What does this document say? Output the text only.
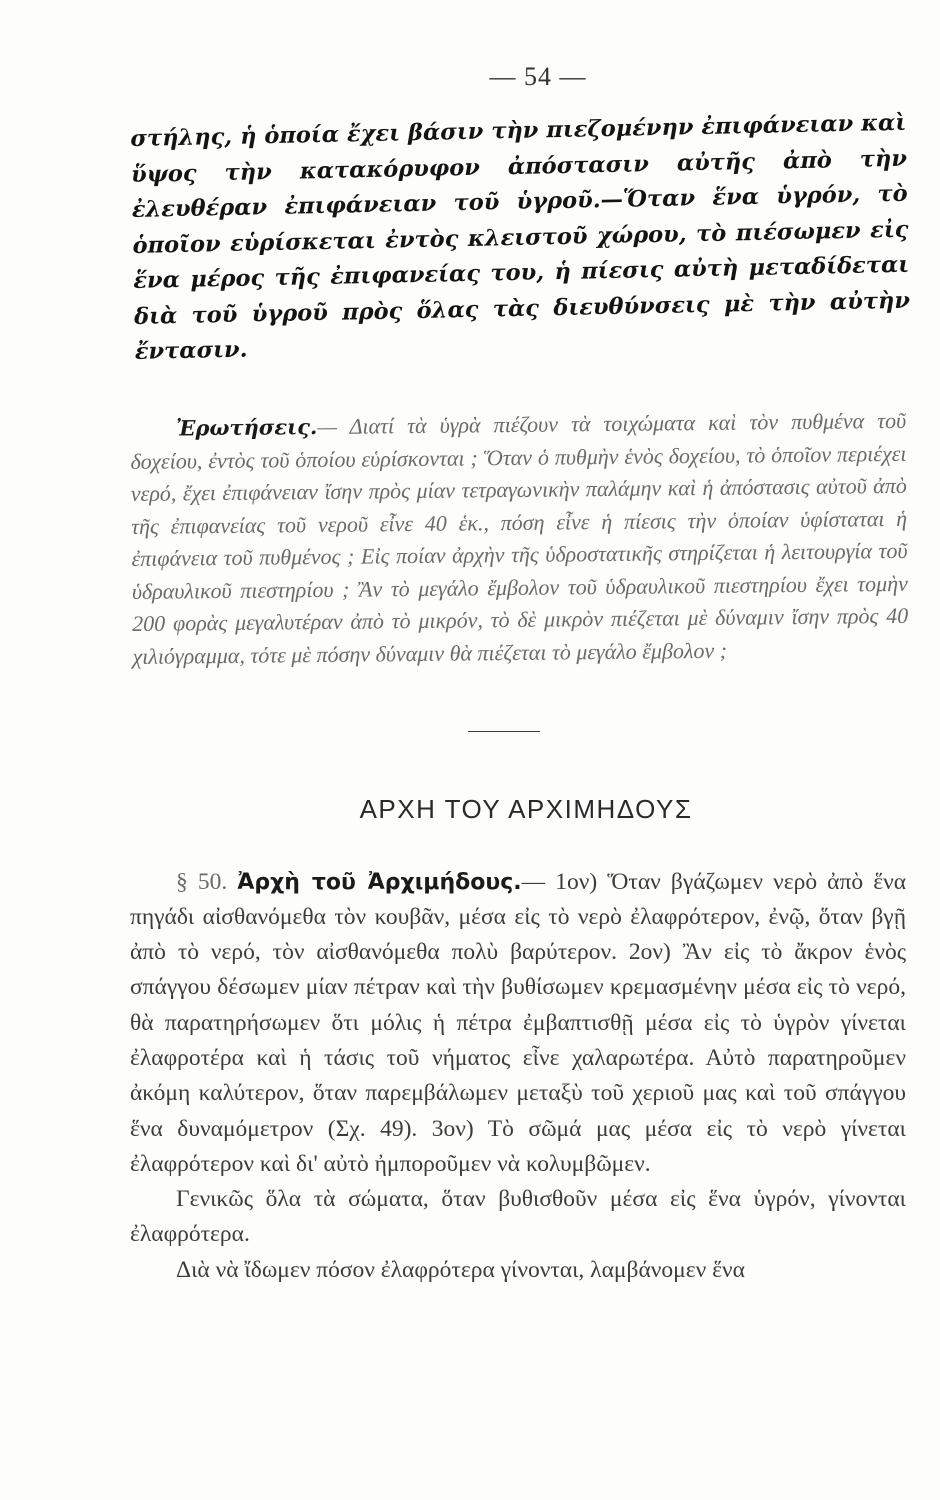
— 54 —

στήλης, ἡ ὁποία ἔχει βάσιν τὴν πιεζομένην ἐπιφάνειαν καὶ ὕψος τὴν κατακόρυφον ἀπόστασιν αὐτῆς ἀπὸ τὴν ἐλευθέραν ἐπιφάνειαν τοῦ ὑγροῦ.—Ὅταν ἕνα ὑγρόν, τὸ ὁποῖον εὑρίσκεται ἐντὸς κλειστοῦ χώρου, τὸ πιέσωμεν εἰς ἕνα μέρος τῆς ἐπιφανείας του, ἡ πίεσις αὐτὴ μεταδίδεται διὰ τοῦ ὑγροῦ πρὸς ὅλας τὰς διευθύνσεις μὲ τὴν αὐτὴν ἔντασιν.

Ἐρωτήσεις.— Διατί τὰ ὑγρὰ πιέζουν τὰ τοιχώματα καὶ τὸν πυθμένα τοῦ δοχείου, ἐντὸς τοῦ ὁποίου εὑρίσκονται ; Ὅταν ὁ πυθμὴν ἑνὸς δοχείου, τὸ ὁποῖον περιέχει νερό, ἔχει ἐπιφάνειαν ἴσην πρὸς μίαν τετραγωνικὴν παλάμην καὶ ἡ ἀπόστασις αὐτοῦ ἀπὸ τῆς ἐπιφανείας τοῦ νεροῦ εἶνε 40 ἑκ., πόση εἶνε ἡ πίεσις τὴν ὁποίαν ὑφίσταται ἡ ἐπιφάνεια τοῦ πυθμένος ; Εἰς ποίαν ἀρχὴν τῆς ὑδροστατικῆς στηρίζεται ἡ λειτουργία τοῦ ὑδραυλικοῦ πιεστηρίου ; Ἂν τὸ μεγάλο ἔμβολον τοῦ ὑδραυλικοῦ πιεστηρίου ἔχει τομὴν 200 φορὰς μεγαλυτέραν ἀπὸ τὸ μικρόν, τὸ δὲ μικρὸν πιέζεται μὲ δύναμιν ἴσην πρὸς 40 χιλιόγραμμα, τότε μὲ πόσην δύναμιν θὰ πιέζεται τὸ μεγάλο ἔμβολον ;

ΑΡΧΗ ΤΟΥ ΑΡΧΙΜΗΔΟΥΣ

§ 50. Ἀρχὴ τοῦ Ἀρχιμήδους.— 1ον) Ὅταν βγάζωμεν νερὸ ἀπὸ ἕνα πηγάδι αἰσθανόμεθα τὸν κουβᾶν, μέσα εἰς τὸ νερὸ ἐλαφρότερον, ἐνῷ, ὅταν βγῇ ἀπὸ τὸ νερό, τὸν αἰσθανόμεθα πολὺ βαρύτερον. 2ον) Ἂν εἰς τὸ ἄκρον ἑνὸς σπάγγου δέσωμεν μίαν πέτραν καὶ τὴν βυθίσωμεν κρεμασμένην μέσα εἰς τὸ νερό, θὰ παρατηρήσωμεν ὅτι μόλις ἡ πέτρα ἐμβαπτισθῇ μέσα εἰς τὸ ὑγρὸν γίνεται ἐλαφροτέρα καὶ ἡ τάσις τοῦ νήματος εἶνε χαλαρωτέρα. Αὐτὸ παρατηροῦμεν ἀκόμη καλύτερον, ὅταν παρεμβάλωμεν μεταξὺ τοῦ χεριοῦ μας καὶ τοῦ σπάγγου ἕνα δυναμόμετρον (Σχ. 49). 3ον) Τὸ σῶμά μας μέσα εἰς τὸ νερὸ γίνεται ἐλαφρότερον καὶ δι' αὐτὸ ἠμποροῦμεν νὰ κολυμβῶμεν.

Γενικῶς ὅλα τὰ σώματα, ὅταν βυθισθοῦν μέσα εἰς ἕνα ὑγρόν, γίνονται ἐλαφρότερα.

Διὰ νὰ ἴδωμεν πόσον ἐλαφρότερα γίνονται, λαμβάνομεν ἕνα
